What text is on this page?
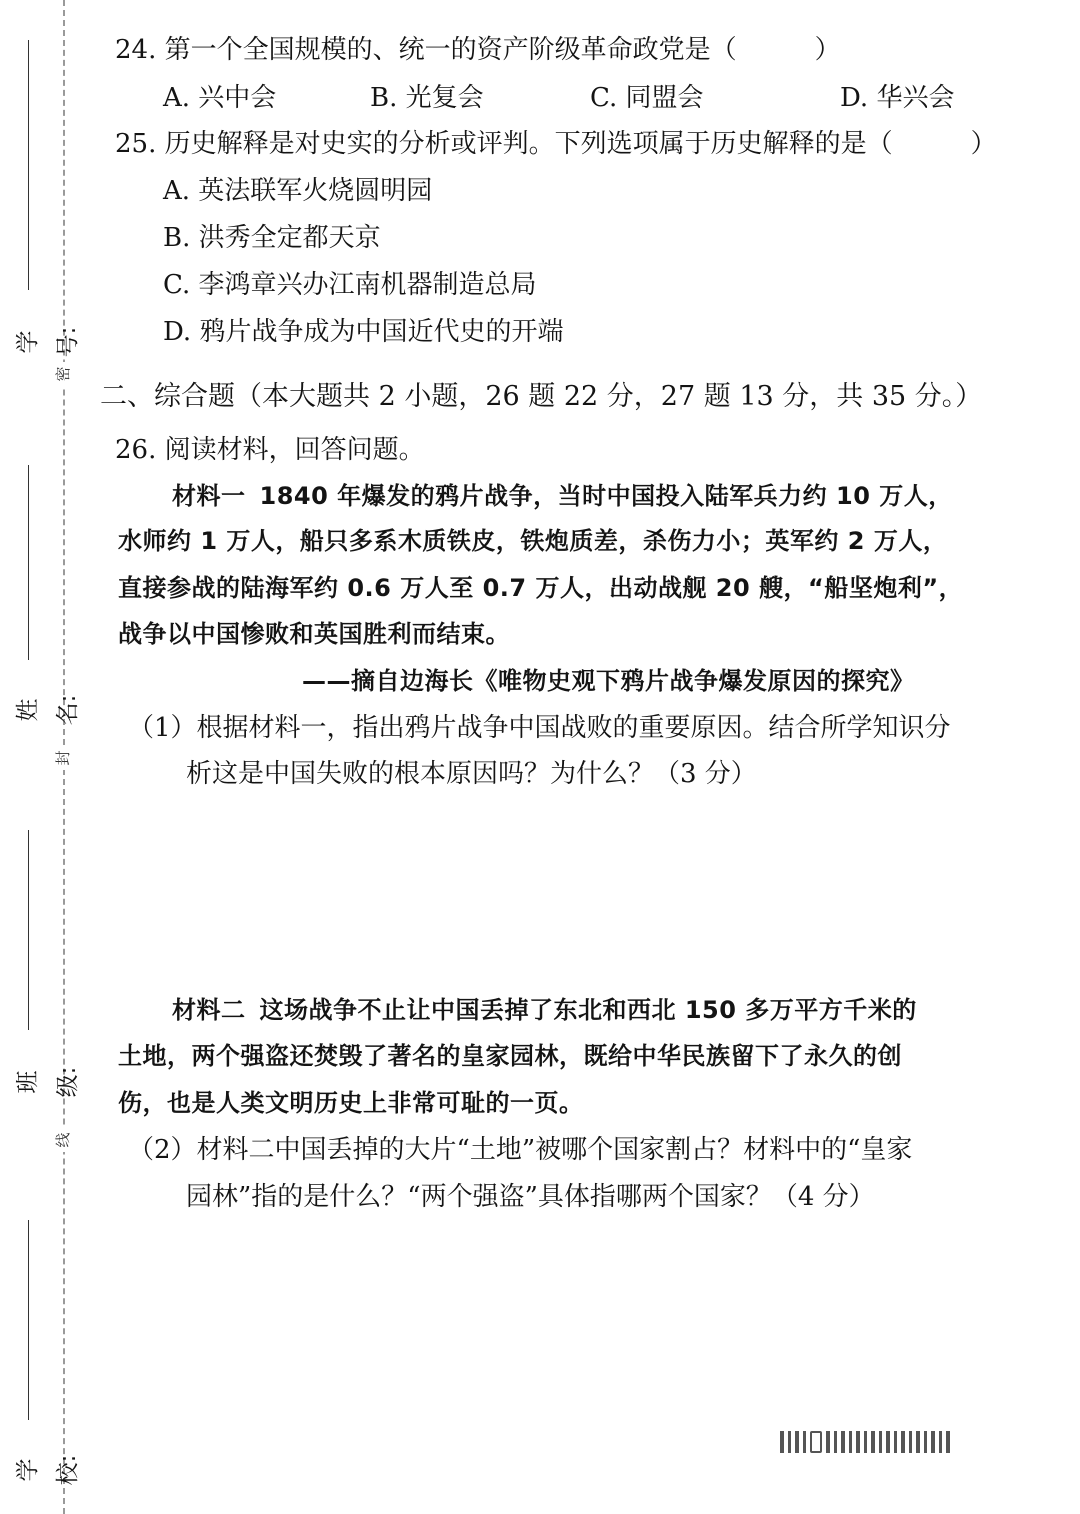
学号:
姓名:
班级:
学校:
密
封
线
24. 第一个全国规模的、统一的资产阶级革命政党是（　　　）
A. 兴中会	B. 光复会	C. 同盟会	D. 华兴会
25. 历史解释是对史实的分析或评判。下列选项属于历史解释的是（　　　）
A. 英法联军火烧圆明园
B. 洪秀全定都天京
C. 李鸿章兴办江南机器制造总局
D. 鸦片战争成为中国近代史的开端
二、综合题（本大题共 2 小题，26 题 22 分，27 题 13 分，共 35 分。）
26. 阅读材料，回答问题。
材料一 1840 年爆发的鸦片战争，当时中国投入陆军兵力约 10 万人，
水师约 1 万人，船只多系木质铁皮，铁炮质差，杀伤力小；英军约 2 万人，
直接参战的陆海军约 0.6 万人至 0.7 万人，出动战舰 20 艘，“船坚炮利”，
战争以中国惨败和英国胜利而结束。
——摘自边海长《唯物史观下鸦片战争爆发原因的探究》
（1）根据材料一，指出鸦片战争中国战败的重要原因。结合所学知识分
析这是中国失败的根本原因吗？为什么？（3 分）
材料二 这场战争不止让中国丢掉了东北和西北 150 多万平方千米的
土地，两个强盗还焚毁了著名的皇家园林，既给中华民族留下了永久的创
伤，也是人类文明历史上非常可耻的一页。
（2）材料二中国丢掉的大片“土地”被哪个国家割占？材料中的“皇家
园林”指的是什么？“两个强盗”具体指哪两个国家？（4 分）
